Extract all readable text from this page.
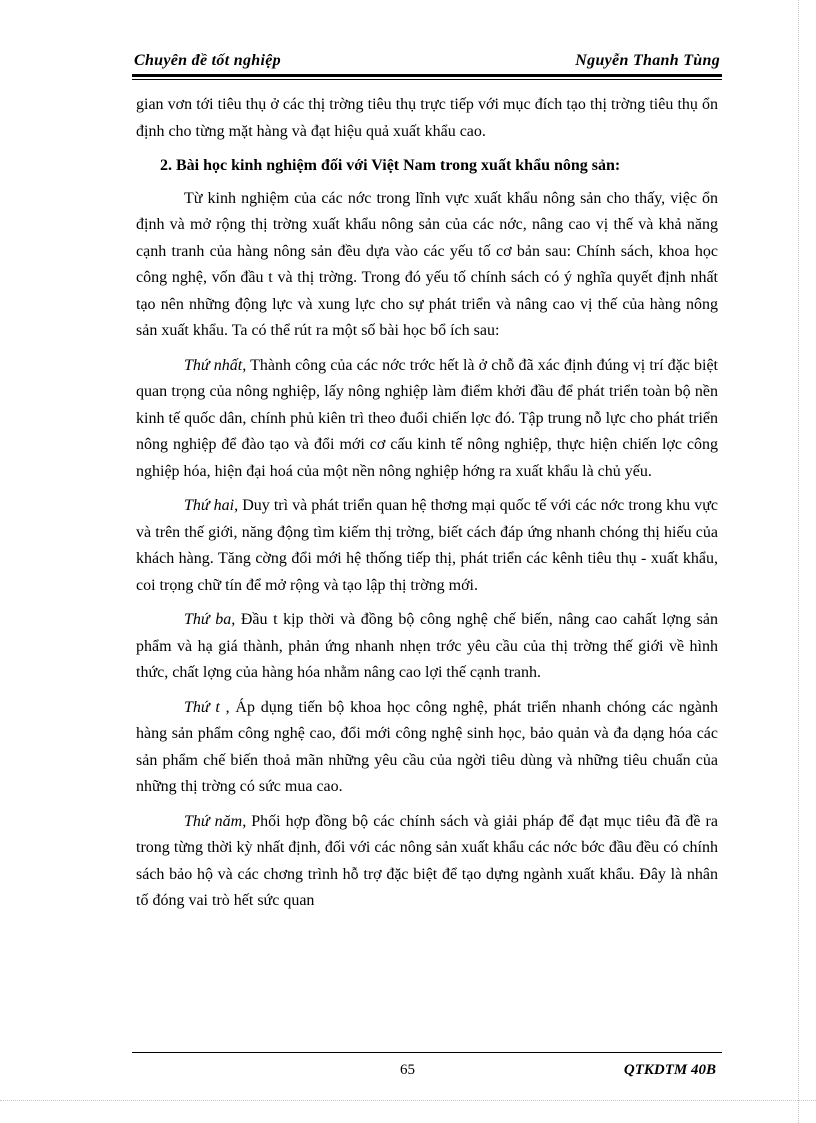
Chuyên đề tốt nghiệp	Nguyễn Thanh Tùng

gian vơn tới tiêu thụ ở các thị trờng tiêu thụ trực tiếp với mục đích tạo thị trờng tiêu thụ ổn định cho từng mặt hàng và đạt hiệu quả xuất khẩu cao.

2. Bài học kinh nghiệm đối với Việt Nam trong xuất khẩu nông sản:

Từ kinh nghiệm của các nớc trong lĩnh vực xuất khẩu nông sản cho thấy, việc ổn định và mở rộng thị trờng xuất khẩu nông sản của các nớc, nâng cao vị thế và khả năng cạnh tranh của hàng nông sản đều dựa vào các yếu tố cơ bản sau: Chính sách, khoa học công nghệ, vốn đầu t và thị trờng. Trong đó yếu tố chính sách có ý nghĩa quyết định nhất tạo nên những động lực và xung lực cho sự phát triển và nâng cao vị thế của hàng nông sản xuất khẩu. Ta có thể rút ra một số bài học bổ ích sau:

Thứ nhất, Thành công của các nớc trớc hết là ở chỗ đã xác định đúng vị trí đặc biệt quan trọng của nông nghiệp, lấy nông nghiệp làm điểm khởi đầu để phát triển toàn bộ nền kinh tế quốc dân, chính phủ kiên trì theo đuổi chiến lợc đó. Tập trung nỗ lực cho phát triển nông nghiệp để đào tạo và đổi mới cơ cấu kinh tế nông nghiệp, thực hiện chiến lợc công nghiệp hóa, hiện đại hoá của một nền nông nghiệp hớng ra xuất khẩu là chủ yếu.

Thứ hai, Duy trì và phát triển quan hệ thơng mại quốc tế với các nớc trong khu vực và trên thế giới, năng động tìm kiếm thị trờng, biết cách đáp ứng nhanh chóng thị hiếu của khách hàng. Tăng cờng đổi mới hệ thống tiếp thị, phát triển các kênh tiêu thụ - xuất khẩu, coi trọng chữ tín để mở rộng và tạo lập thị trờng mới.

Thứ ba, Đầu t kịp thời và đồng bộ công nghệ chế biến, nâng cao cahất lợng sản phẩm và hạ giá thành, phản ứng nhanh nhẹn trớc yêu cầu của thị trờng thế giới về hình thức, chất lợng của hàng hóa nhằm nâng cao lợi thế cạnh tranh.

Thứ t , Áp dụng tiến bộ khoa học công nghệ, phát triển nhanh chóng các ngành hàng sản phẩm công nghệ cao, đổi mới công nghệ sinh học, bảo quản và đa dạng hóa các sản phẩm chế biến thoả mãn những yêu cầu của ngời tiêu dùng và những tiêu chuẩn của những thị trờng có sức mua cao.

Thứ năm, Phối hợp đồng bộ các chính sách và giải pháp để đạt mục tiêu đã đề ra trong từng thời kỳ nhất định, đối với các nông sản xuất khẩu các nớc bớc đầu đều có chính sách bảo hộ và các chơng trình hỗ trợ đặc biệt để tạo dựng ngành xuất khẩu. Đây là nhân tố đóng vai trò hết sức quan

65	QTKDTM 40B
